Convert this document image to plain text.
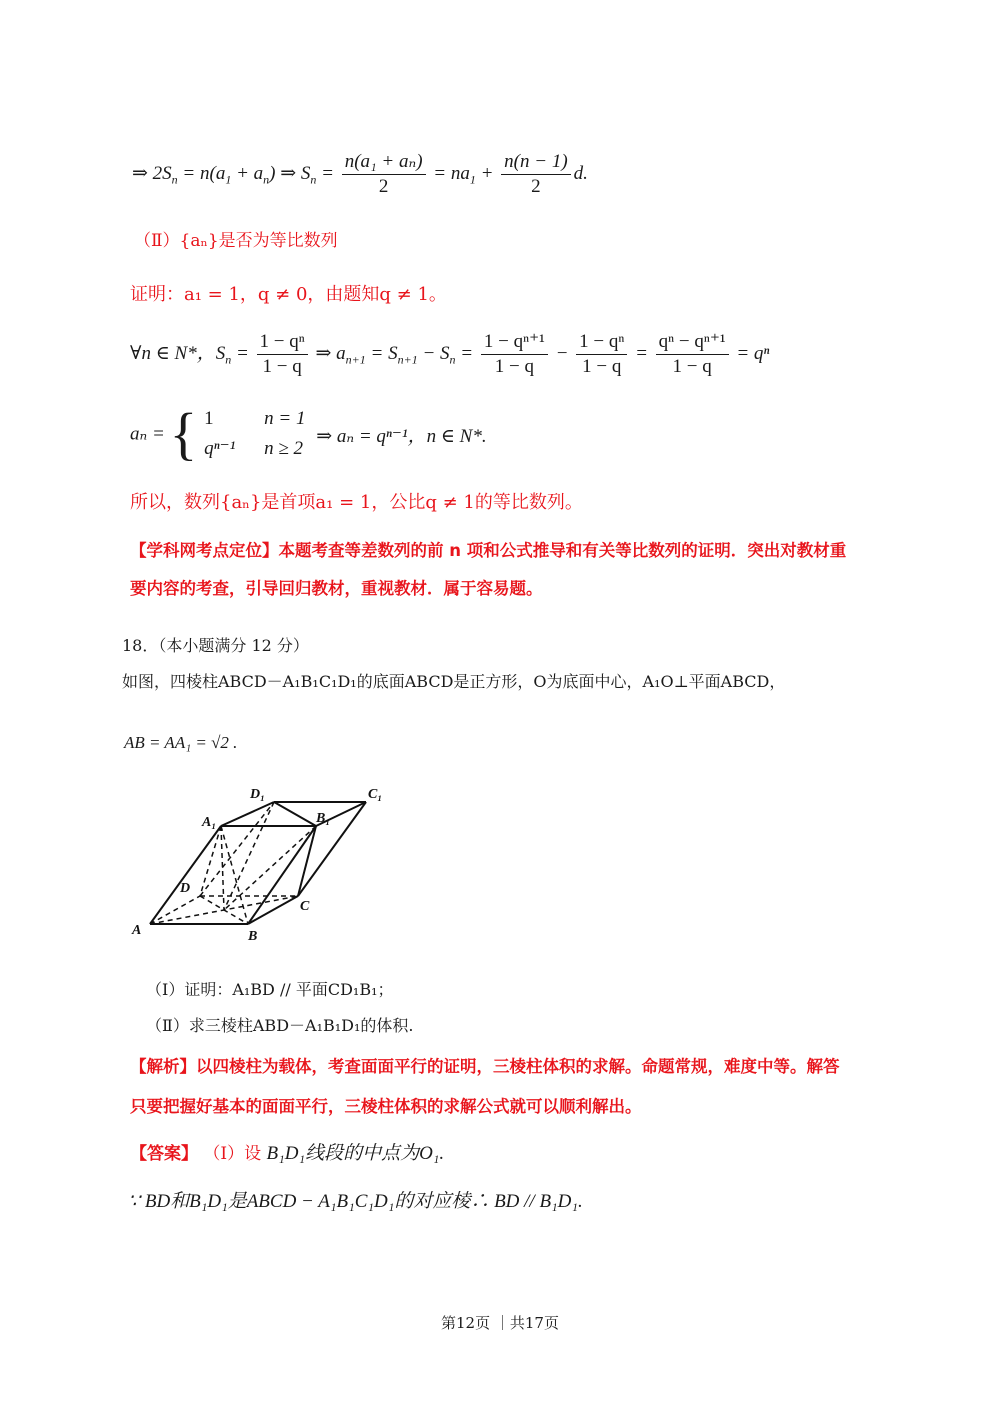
⇒ $2S_n = n(a_1 + a_n)$ ⇒ $S_n = \frac{\text{n(a₁ + aₙ)}}{2} = na_1 + \frac{n(n - 1)}{2} d$.
（Ⅱ）{aₙ}是否为等比数列
证明：a₁ = 1，q ≠ 0，由题知q ≠ 1。
∀n ∈ N*，$S_n = \frac{\text{1 − qⁿ}}{1 - q}$ ⇒ $a_{n+1} = S_{n+1} - S_n = \frac{\text{1 − qⁿ⁺¹}}{1 - q} - \frac{\text{1 − qⁿ}}{1 - q} = \frac{\text{qⁿ − qⁿ⁺¹}}{1 - q} = q^n$
aₙ = { 1	n = 1
qⁿ⁻¹ n ≥ 2
⇒ aₙ = qⁿ⁻¹，n ∈ N*.
所以，数列{aₙ}是首项a₁ = 1，公比q ≠ 1的等比数列。
【学科网考点定位】本题考查等差数列的前 n 项和公式推导和有关等比数列的证明．突出对教材重
要内容的考查，引导回归教材，重视教材．属于容易题。
18．（本小题满分 12 分）
如图，四棱柱ABCD－A₁B₁C₁D₁的底面ABCD是正方形，O为底面中心，A₁O⊥平面ABCD，
AB = AA₁ = √2 .
D₁	C₁
A₁	B₁
D
C
A	B
（Ⅰ）证明：A₁BD // 平面CD₁B₁；
（Ⅱ）求三棱柱ABD－A₁B₁D₁的体积.
【解析】以四棱柱为载体，考查面面平行的证明，三棱柱体积的求解。命题常规，难度中等。解答
只要把握好基本的面面平行，三棱柱体积的求解公式就可以顺利解出。
【答案】 （Ⅰ）设 B₁D₁线段的中点为O₁.
∵ BD和B₁D₁是ABCD − A₁B₁C₁D₁的对应棱∴ BD // B₁D₁.
第12页 ｜共17页
